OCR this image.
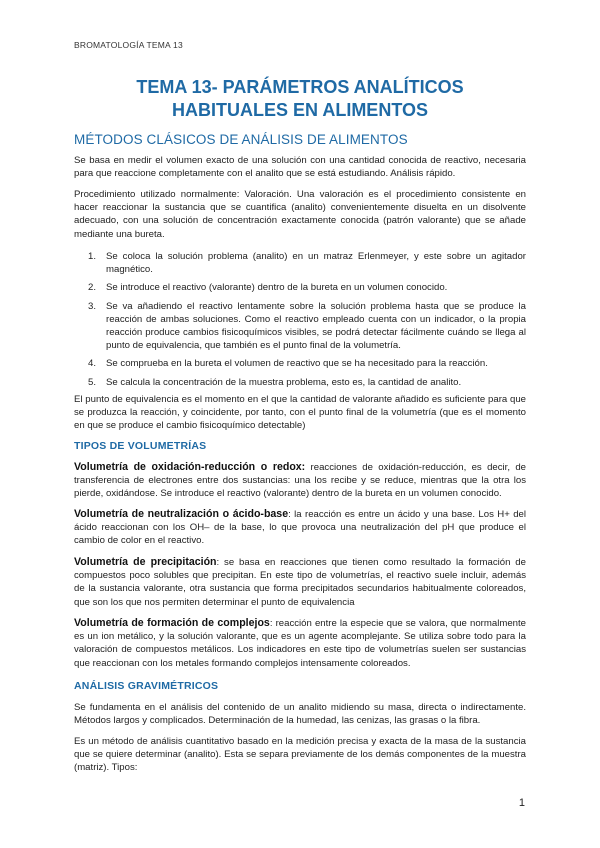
BROMATOLOGÍA TEMA 13
TEMA 13- PARÁMETROS ANALÍTICOS
HABITUALES EN ALIMENTOS
MÉTODOS CLÁSICOS DE ANÁLISIS DE ALIMENTOS
Se basa en medir el volumen exacto de una solución con una cantidad conocida de reactivo, necesaria para que reaccione completamente con el analito que se está estudiando. Análisis rápido.
Procedimiento utilizado normalmente: Valoración. Una valoración es el procedimiento consistente en hacer reaccionar la sustancia que se cuantifica (analito) convenientemente disuelta en un disolvente adecuado, con una solución de concentración exactamente conocida (patrón valorante) que se añade mediante una bureta.
1. Se coloca la solución problema (analito) en un matraz Erlenmeyer, y este sobre un agitador magnético.
2. Se introduce el reactivo (valorante) dentro de la bureta en un volumen conocido.
3. Se va añadiendo el reactivo lentamente sobre la solución problema hasta que se produce la reacción de ambas soluciones. Como el reactivo empleado cuenta con un indicador, o la propia reacción produce cambios fisicoquímicos visibles, se podrá detectar fácilmente cuándo se llega al punto de equivalencia, que también es el punto final de la volumetría.
4. Se comprueba en la bureta el volumen de reactivo que se ha necesitado para la reacción.
5. Se calcula la concentración de la muestra problema, esto es, la cantidad de analito.
El punto de equivalencia es el momento en el que la cantidad de valorante añadido es suficiente para que se produzca la reacción, y coincidente, por tanto, con el punto final de la volumetría (que es el momento en que se produce el cambio fisicoquímico detectable)
TIPOS DE VOLUMETRÍAS
Volumetría de oxidación-reducción o redox: reacciones de oxidación-reducción, es decir, de transferencia de electrones entre dos sustancias: una los recibe y se reduce, mientras que la otra los pierde, oxidándose. Se introduce el reactivo (valorante) dentro de la bureta en un volumen conocido.
Volumetría de neutralización o ácido-base: la reacción es entre un ácido y una base. Los H+ del ácido reaccionan con los OH– de la base, lo que provoca una neutralización del pH que produce el cambio de color en el reactivo.
Volumetría de precipitación: se basa en reacciones que tienen como resultado la formación de compuestos poco solubles que precipitan. En este tipo de volumetrías, el reactivo suele incluir, además de la sustancia valorante, otra sustancia que forma precipitados secundarios habitualmente coloreados, que son los que nos permiten determinar el punto de equivalencia
Volumetría de formación de complejos: reacción entre la especie que se valora, que normalmente es un ion metálico, y la solución valorante, que es un agente acomplejante. Se utiliza sobre todo para la valoración de compuestos metálicos. Los indicadores en este tipo de volumetrías suelen ser sustancias que reaccionan con los metales formando complejos intensamente coloreados.
ANÁLISIS GRAVIMÉTRICOS
Se fundamenta en el análisis del contenido de un analito midiendo su masa, directa o indirectamente. Métodos largos y complicados. Determinación de la humedad, las cenizas, las grasas o la fibra.
Es un método de análisis cuantitativo basado en la medición precisa y exacta de la masa de la sustancia que se quiere determinar (analito). Esta se separa previamente de los demás componentes de la muestra (matriz). Tipos:
1
